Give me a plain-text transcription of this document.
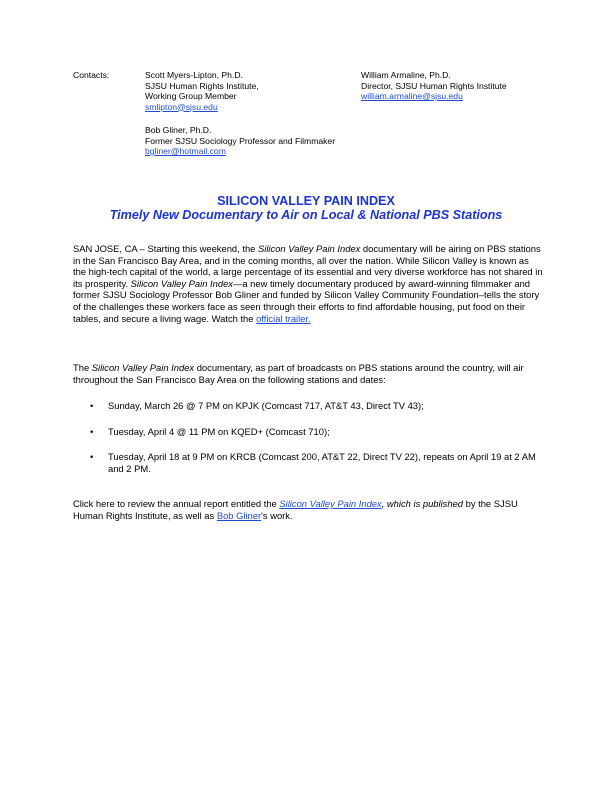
Contacts:	Scott Myers-Lipton, Ph.D.
SJSU Human Rights Institute,
Working Group Member
smlipton@sjsu.edu
William Armaline, Ph.D.
Director, SJSU Human Rights Institute
william.armaline@sjsu.edu
Bob Gliner, Ph.D.
Former SJSU Sociology Professor and Filmmaker
bgliner@hotmail.com
SILICON VALLEY PAIN INDEX
Timely New Documentary to Air on Local & National PBS Stations

SAN JOSE, CA – Starting this weekend, the Silicon Valley Pain Index documentary will be airing on PBS stations in the San Francisco Bay Area, and in the coming months, all over the nation. While Silicon Valley is known as the high-tech capital of the world, a large percentage of its essential and very diverse workforce has not shared in its prosperity. Silicon Valley Pain Index—a new timely documentary produced by award-winning filmmaker and former SJSU Sociology Professor Bob Gliner and funded by Silicon Valley Community Foundation–tells the story of the challenges these workers face as seen through their efforts to find affordable housing, put food on their tables, and secure a living wage. Watch the official trailer.

The Silicon Valley Pain Index documentary, as part of broadcasts on PBS stations around the country, will air throughout the San Francisco Bay Area on the following stations and dates:

• Sunday, March 26 @ 7 PM on KPJK (Comcast 717, AT&T 43, Direct TV 43);
• Tuesday, April 4 @ 11 PM on KQED+ (Comcast 710);
• Tuesday, April 18 at 9 PM on KRCB (Comcast 200, AT&T 22, Direct TV 22), repeats on April 19 at 2 AM and 2 PM.

Click here to review the annual report entitled the Silicon Valley Pain Index, which is published by the SJSU Human Rights Institute, as well as Bob Gliner's work.
